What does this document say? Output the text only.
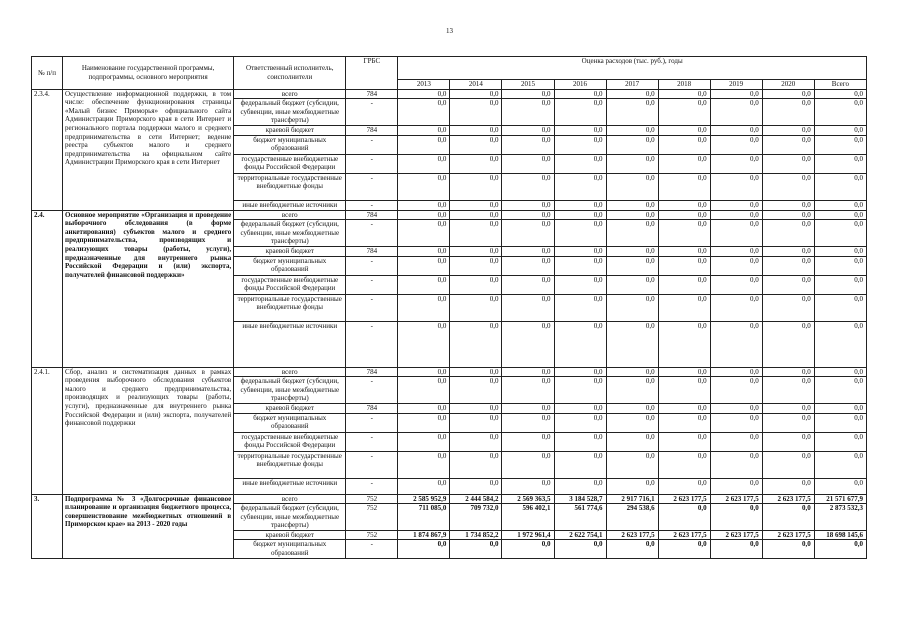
13
№ п/п	Наименование государственной программы, подпрограммы, основного мероприятия	Ответственный исполнитель, соисполнители	ГРБС	Оценка расходов (тыс. руб.), годы								
				2013	2014	2015	2016	2017	2018	2019	2020	Всего
2.3.4.	Осуществление информационной поддержки, в том числе: обеспечение функционирования страницы «Малый бизнес Приморья» официального сайта Администрации Приморского края в сети Интернет и регионального портала поддержки малого и среднего предпринимательства в сети Интернет; ведение реестра субъектов малого и среднего предпринимательства на официальном сайте Администрации Приморского края в сети Интернет	всего	784	0,0	0,0	0,0	0,0	0,0	0,0	0,0	0,0	0,0
		федеральный бюджет (субсидии, субвенции, иные межбюджетные трансферты)	-	0,0	0,0	0,0	0,0	0,0	0,0	0,0	0,0	0,0
		краевой бюджет	784	0,0	0,0	0,0	0,0	0,0	0,0	0,0	0,0	0,0
		бюджет муниципальных образований	-	0,0	0,0	0,0	0,0	0,0	0,0	0,0	0,0	0,0
		государственные внебюджетные фонды Российской Федерации	-	0,0	0,0	0,0	0,0	0,0	0,0	0,0	0,0	0,0
		территориальные государственные внебюджетные фонды	-	0,0	0,0	0,0	0,0	0,0	0,0	0,0	0,0	0,0
		иные внебюджетные источники	-	0,0	0,0	0,0	0,0	0,0	0,0	0,0	0,0	0,0
2.4.	Основное мероприятие «Организация и проведение выборочного обследования (в форме анкетирования) субъектов малого и среднего предпринимательства, производящих и реализующих товары (работы, услуги), предназначенные для внутреннего рынка Российской Федерации и (или) экспорта, получателей финансовой поддержки»	всего	784	0,0	0,0	0,0	0,0	0,0	0,0	0,0	0,0	0,0
		федеральный бюджет (субсидии, субвенции, иные межбюджетные трансферты)	-	0,0	0,0	0,0	0,0	0,0	0,0	0,0	0,0	0,0
		краевой бюджет	784	0,0	0,0	0,0	0,0	0,0	0,0	0,0	0,0	0,0
		бюджет муниципальных образований	-	0,0	0,0	0,0	0,0	0,0	0,0	0,0	0,0	0,0
		государственные внебюджетные фонды Российской Федерации	-	0,0	0,0	0,0	0,0	0,0	0,0	0,0	0,0	0,0
		территориальные государственные внебюджетные фонды	-	0,0	0,0	0,0	0,0	0,0	0,0	0,0	0,0	0,0
		иные внебюджетные источники	-	0,0	0,0	0,0	0,0	0,0	0,0	0,0	0,0	0,0
2.4.1.	Сбор, анализ и систематизация данных в рамках проведения выборочного обследования субъектов малого и среднего предпринимательства, производящих и реализующих товары (работы, услуги), предназначенные для внутреннего рынка Российской Федерации и (или) экспорта, получателей финансовой поддержки	всего	784	0,0	0,0	0,0	0,0	0,0	0,0	0,0	0,0	0,0
		федеральный бюджет (субсидии, субвенции, иные межбюджетные трансферты)	-	0,0	0,0	0,0	0,0	0,0	0,0	0,0	0,0	0,0
		краевой бюджет	784	0,0	0,0	0,0	0,0	0,0	0,0	0,0	0,0	0,0
		бюджет муниципальных образований	-	0,0	0,0	0,0	0,0	0,0	0,0	0,0	0,0	0,0
		государственные внебюджетные фонды Российской Федерации	-	0,0	0,0	0,0	0,0	0,0	0,0	0,0	0,0	0,0
		территориальные государственные внебюджетные фонды	-	0,0	0,0	0,0	0,0	0,0	0,0	0,0	0,0	0,0
		иные внебюджетные источники	-	0,0	0,0	0,0	0,0	0,0	0,0	0,0	0,0	0,0
3.	Подпрограмма № 3 «Долгосрочные финансовое планирование и организация бюджетного процесса, совершенствование межбюджетных отношений в Приморском крае» на 2013 - 2020 годы	всего	752	2 585 952,9	2 444 584,2	2 569 363,5	3 184 528,7	2 917 716,1	2 623 177,5	2 623 177,5	2 623 177,5	21 571 677,9
		федеральный бюджет (субсидии, субвенции, иные межбюджетные трансферты)	752	711 085,0	709 732,0	596 402,1	561 774,6	294 538,6	0,0	0,0	0,0	2 873 532,3
		краевой бюджет	752	1 874 867,9	1 734 852,2	1 972 961,4	2 622 754,1	2 623 177,5	2 623 177,5	2 623 177,5	2 623 177,5	18 698 145,6
		бюджет муниципальных образований	-	0,0	0,0	0,0	0,0	0,0	0,0	0,0	0,0	0,0
